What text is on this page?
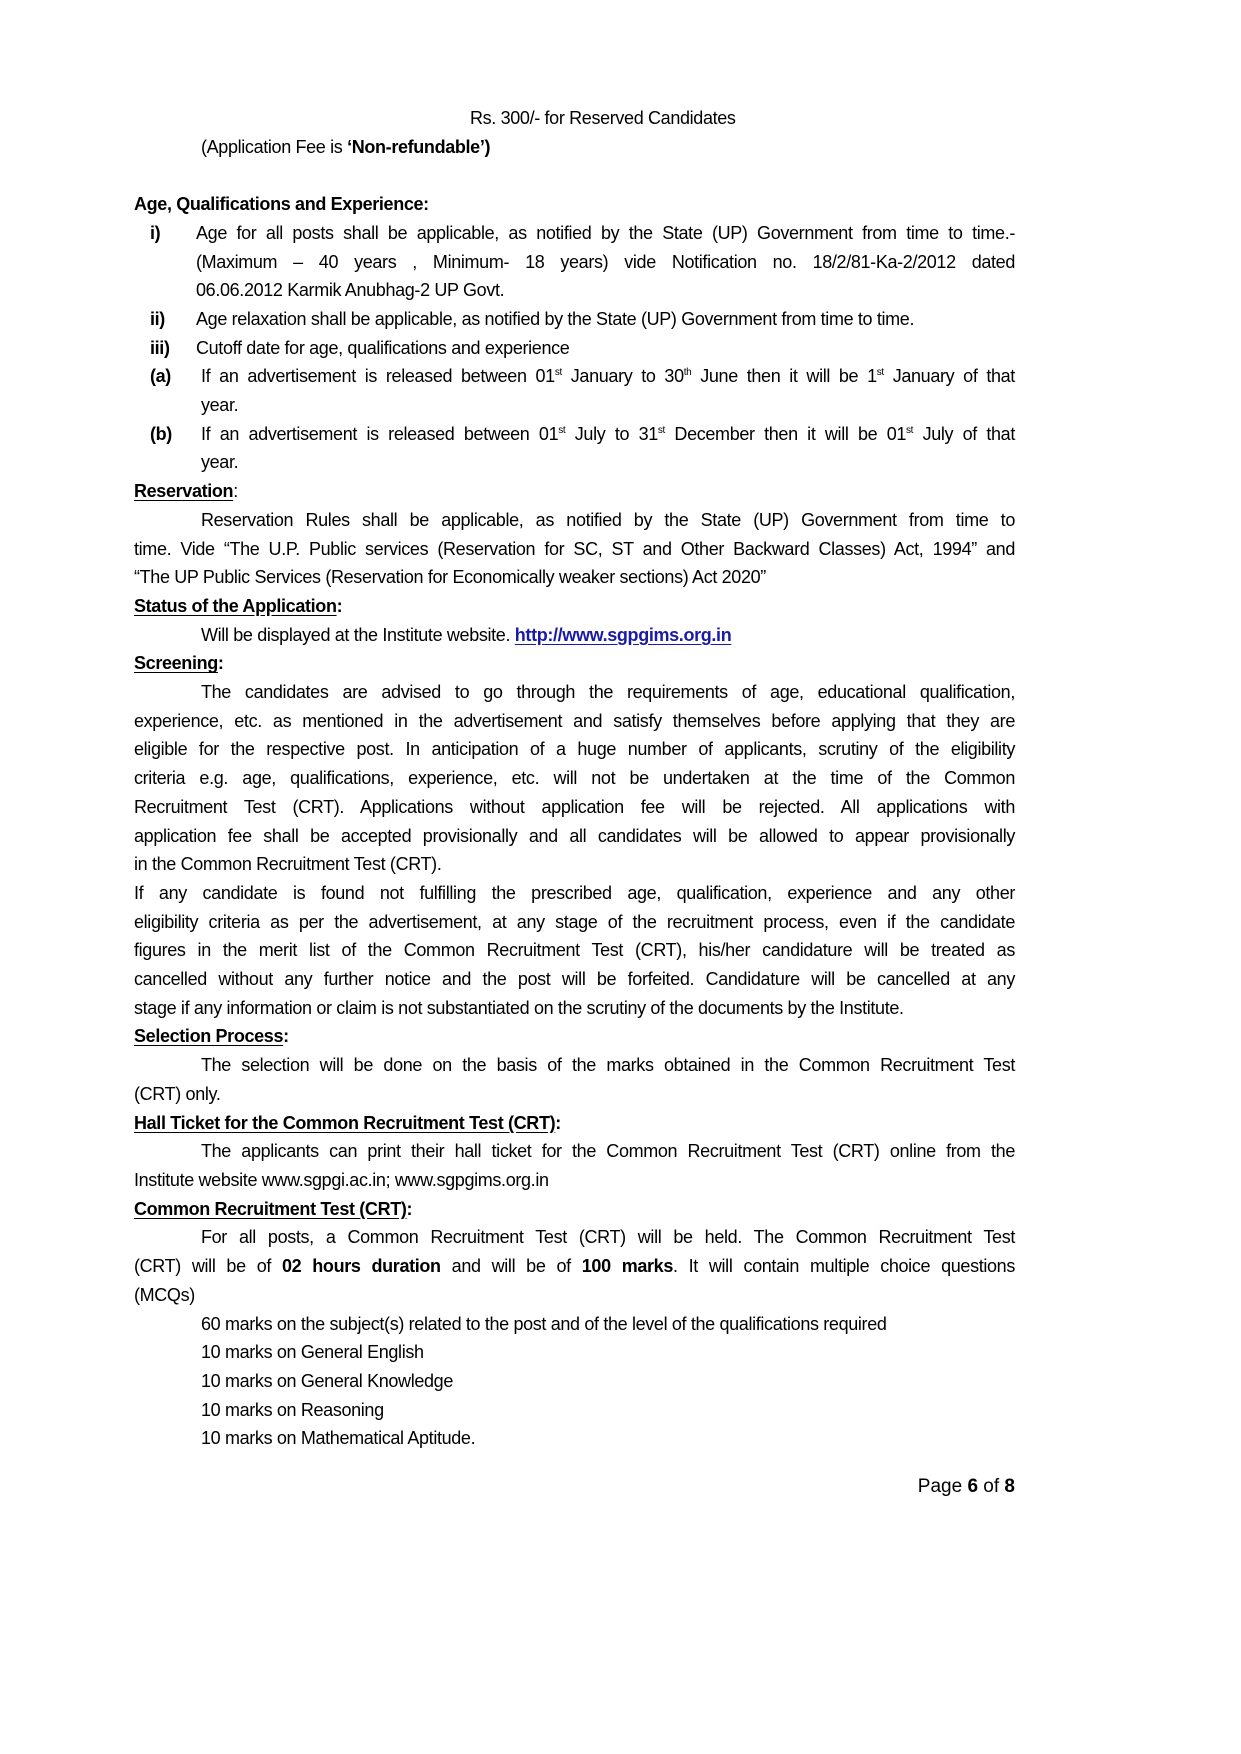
Rs. 300/- for Reserved Candidates
(Application Fee is ‘Non-refundable’)
Age, Qualifications and Experience:
i)	Age for all posts shall be applicable, as notified by the State (UP) Government from time to time.-
(Maximum – 40 years , Minimum- 18 years) vide Notification no. 18/2/81-Ka-2/2012 dated
06.06.2012 Karmik Anubhag-2 UP Govt.
ii)	Age relaxation shall be applicable, as notified by the State (UP) Government from time to time.
iii)	Cutoff date for age, qualifications and experience
(a)	If an advertisement is released between 01st January to 30th June then it will be 1st January of that
year.
(b)	If an advertisement is released between 01st July to 31st December then it will be 01st July of that
year.
Reservation:
Reservation Rules shall be applicable, as notified by the State (UP) Government from time to
time. Vide “The U.P. Public services (Reservation for SC, ST and Other Backward Classes) Act, 1994” and
“The UP Public Services (Reservation for Economically weaker sections) Act 2020”
Status of the Application:
Will be displayed at the Institute website. http://www.sgpgims.org.in
Screening:
The candidates are advised to go through the requirements of age, educational qualification,
experience, etc. as mentioned in the advertisement and satisfy themselves before applying that they are
eligible for the respective post. In anticipation of a huge number of applicants, scrutiny of the eligibility
criteria e.g. age, qualifications, experience, etc. will not be undertaken at the time of the Common
Recruitment Test (CRT). Applications without application fee will be rejected. All applications with
application fee shall be accepted provisionally and all candidates will be allowed to appear provisionally
in the Common Recruitment Test (CRT).
If any candidate is found not fulfilling the prescribed age, qualification, experience and any other
eligibility criteria as per the advertisement, at any stage of the recruitment process, even if the candidate
figures in the merit list of the Common Recruitment Test (CRT), his/her candidature will be treated as
cancelled without any further notice and the post will be forfeited. Candidature will be cancelled at any
stage if any information or claim is not substantiated on the scrutiny of the documents by the Institute.
Selection Process:
The selection will be done on the basis of the marks obtained in the Common Recruitment Test
(CRT) only.
Hall Ticket for the Common Recruitment Test (CRT):
The applicants can print their hall ticket for the Common Recruitment Test (CRT) online from the
Institute website www.sgpgi.ac.in; www.sgpgims.org.in
Common Recruitment Test (CRT):
For all posts, a Common Recruitment Test (CRT) will be held. The Common Recruitment Test
(CRT) will be of 02 hours duration and will be of 100 marks. It will contain multiple choice questions
(MCQs)
60 marks on the subject(s) related to the post and of the level of the qualifications required
10 marks on General English
10 marks on General Knowledge
10 marks on Reasoning
10 marks on Mathematical Aptitude.
Page 6 of 8
